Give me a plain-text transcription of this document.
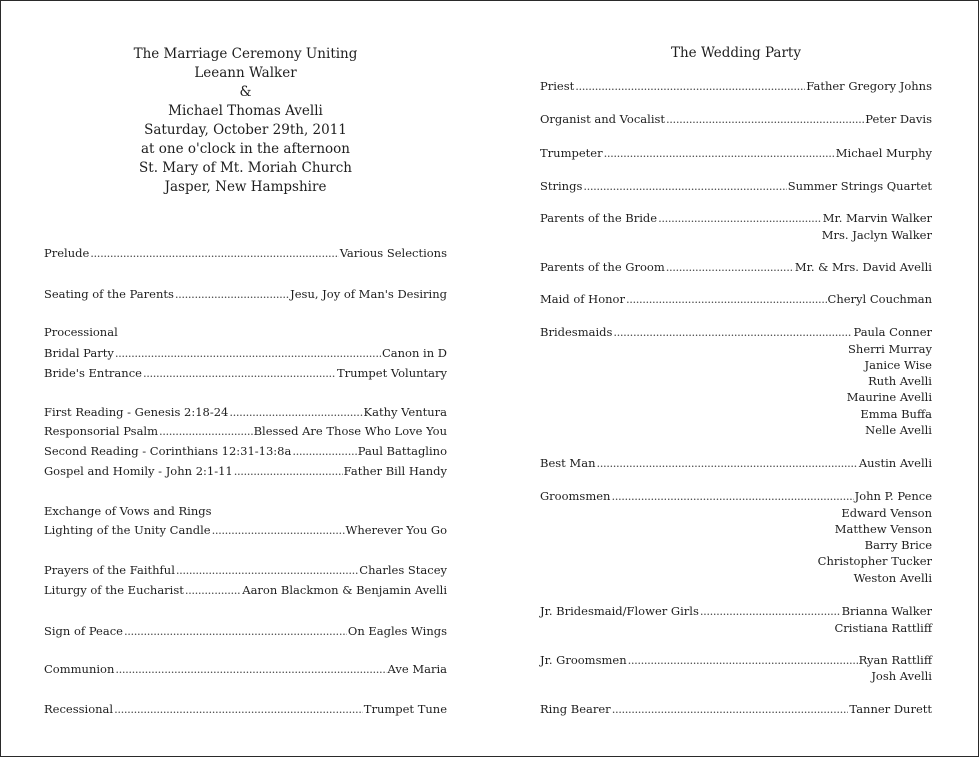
The Marriage Ceremony Uniting
Leeann Walker
&
Michael Thomas Avelli
Saturday, October 29th, 2011
at one o'clock in the afternoon
St. Mary of Mt. Moriah Church
Jasper, New Hampshire
Prelude .....	Various Selections
Seating of the Parents .....	Jesu, Joy of Man's Desiring
Processional
Bridal Party .....	Canon in D
Bride's Entrance .....	Trumpet Voluntary
First Reading - Genesis 2:18-24 .....	Kathy Ventura
Responsorial Psalm .....	Blessed Are Those Who Love You
Second Reading - Corinthians 12:31-13:8a .....	Paul Battaglino
Gospel and Homily - John 2:1-11 .....	Father Bill Handy
Exchange of Vows and Rings
Lighting of the Unity Candle .....	Wherever You Go
Prayers of the Faithful .....	Charles Stacey
Liturgy of the Eucharist .....	Aaron Blackmon & Benjamin Avelli
Sign of Peace .....	On Eagles Wings
Communion .....	Ave Maria
Recessional .....	Trumpet Tune
The Wedding Party
Priest .....	Father Gregory Johns
Organist and Vocalist .....	Peter Davis
Trumpeter .....	Michael Murphy
Strings .....	Summer Strings Quartet
Parents of the Bride .....	Mr. Marvin Walker
Mrs. Jaclyn Walker
Parents of the Groom .....	Mr. & Mrs. David Avelli
Maid of Honor .....	Cheryl Couchman
Bridesmaids .....	Paula Conner
Sherri Murray
Janice Wise
Ruth Avelli
Maurine Avelli
Emma Buffa
Nelle Avelli
Best Man .....	Austin Avelli
Groomsmen .....	John P. Pence
Edward Venson
Matthew Venson
Barry Brice
Christopher Tucker
Weston Avelli
Jr. Bridesmaid/Flower Girls .....	Brianna Walker
Cristiana Rattliff
Jr. Groomsmen .....	Ryan Rattliff
Josh Avelli
Ring Bearer .....	Tanner Durett
